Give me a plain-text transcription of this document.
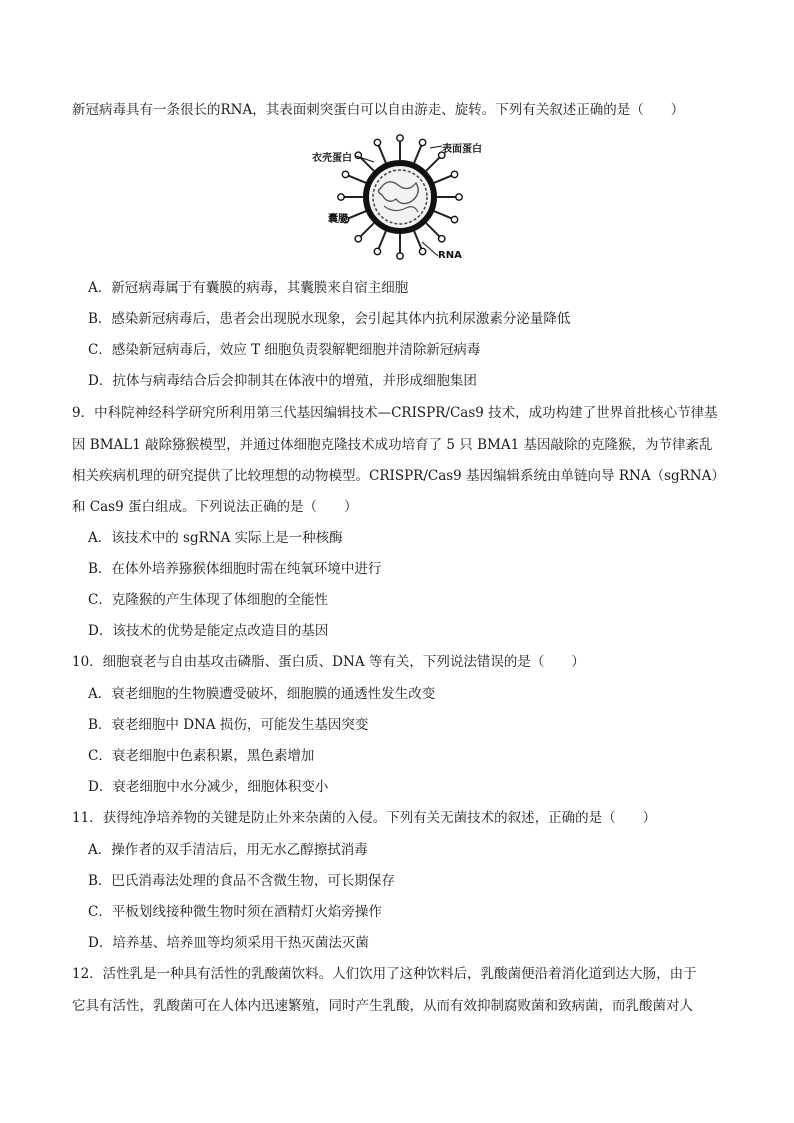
新冠病毒具有一条很长的RNA，其表面刺突蛋白可以自由游走、旋转。下列有关叙述正确的是（　　）
表面蛋白
衣壳蛋白
囊膜
RNA
A．新冠病毒属于有囊膜的病毒，其囊膜来自宿主细胞
B．感染新冠病毒后，患者会出现脱水现象，会引起其体内抗利尿激素分泌量降低
C．感染新冠病毒后，效应 T 细胞负责裂解靶细胞并清除新冠病毒
D．抗体与病毒结合后会抑制其在体液中的增殖，并形成细胞集团
9．中科院神经科学研究所利用第三代基因编辑技术—CRISPR/Cas9 技术，成功构建了世界首批核心节律基
因 BMAL1 敲除猕猴模型，并通过体细胞克隆技术成功培育了 5 只 BMA1 基因敲除的克隆猴，为节律紊乱
相关疾病机理的研究提供了比较理想的动物模型。CRISPR/Cas9 基因编辑系统由单链向导 RNA（sgRNA）
和 Cas9 蛋白组成。下列说法正确的是（　　）
A．该技术中的 sgRNA 实际上是一种核酶
B．在体外培养猕猴体细胞时需在纯氧环境中进行
C．克隆猴的产生体现了体细胞的全能性
D．该技术的优势是能定点改造目的基因
10．细胞衰老与自由基攻击磷脂、蛋白质、DNA 等有关，下列说法错误的是（　　）
A．衰老细胞的生物膜遭受破坏，细胞膜的通透性发生改变
B．衰老细胞中 DNA 损伤，可能发生基因突变
C．衰老细胞中色素积累，黑色素增加
D．衰老细胞中水分减少，细胞体积变小
11．获得纯净培养物的关键是防止外来杂菌的入侵。下列有关无菌技术的叙述，正确的是（　　）
A．操作者的双手清洁后，用无水乙醇擦拭消毒
B．巴氏消毒法处理的食品不含微生物，可长期保存
C．平板划线接种微生物时须在酒精灯火焰旁操作
D．培养基、培养皿等均须采用干热灭菌法灭菌
12．活性乳是一种具有活性的乳酸菌饮料。人们饮用了这种饮料后，乳酸菌便沿着消化道到达大肠，由于
它具有活性，乳酸菌可在人体内迅速繁殖，同时产生乳酸，从而有效抑制腐败菌和致病菌，而乳酸菌对人
